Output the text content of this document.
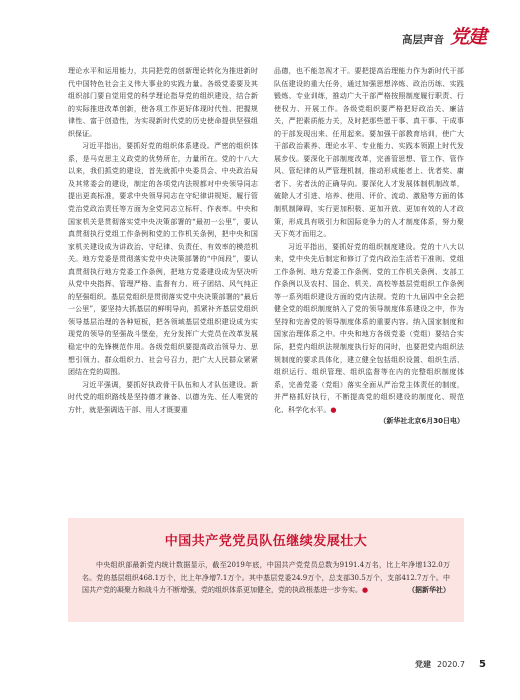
高层声音 党建

理论水平和运用能力，共同把党的创新理论转化为推进新时代中国特色社会主义伟大事业的实践力量。各级党委要及其组织部门要自觉用党的科学理论指导党的组织建设，结合新的实际推进改革创新，使各项工作更好体现时代性、把握规律性、富于创造性，为实现新时代党的历史使命提供坚强组织保证。

习近平指出，要抓好党的组织体系建设。严密的组织体系，是马克思主义政党的优势所在，力量所在。党的十八大以来，我们抓党的建设，首先就抓中央委员会、中央政治局及其常委会的建设，制定的各项党内法规都对中央领导同志提出更高标准，要求中央领导同志在守纪律讲规矩、履行管党治党政治责任等方面为全党同志立标杆、作表率。中央和国家机关是贯彻落实党中央决策部署的“最初一公里”，要认真贯彻执行党组工作条例和党的工作机关条例，把中央和国家机关建设成为讲政治、守纪律、负责任、有效率的模范机关。地方党委是贯彻落实党中央决策部署的“中间段”，要认真贯彻执行地方党委工作条例，把地方党委建设成为坚决听从党中央指挥、管理严格、监督有力、班子团结、风气纯正的坚强组织。基层党组织是贯彻落实党中央决策部署的“最后一公里”，要坚持大抓基层的鲜明导向，抓紧补齐基层党组织领导基层治理的各种短板，把各领域基层党组织建设成为实现党的领导的坚强战斗堡垒，充分发挥广大党员在改革发展稳定中的先锋模范作用。各级党组织要提高政治领导力、思想引领力、群众组织力、社会号召力，把广大人民群众紧紧团结在党的周围。

习近平强调，要抓好执政骨干队伍和人才队伍建设。新时代党的组织路线是坚持德才兼备、以德为先、任人唯贤的方针，就是强调选干部、用人才既要重

品德，也不能忽视才干。要把提高治理能力作为新时代干部队伍建设的重大任务，通过加强思想淬炼、政治历练、实践锻炼、专业训练，推动广大干部严格按照制度履行职责、行使权力、开展工作。各级党组织要严格把好政治关、廉洁关，严把素质能力关，及时把那些愿干事、真干事、干成事的干部发现出来、任用起来。要加强干部教育培训，使广大干部政治素养、理论水平、专业能力、实践本领跟上时代发展步伐。要深化干部制度改革，完善管思想、管工作、管作风、管纪律的从严管理机制，推动形成能者上、优者奖、庸者下、劣者汰的正确导向。要深化人才发展体制机制改革，破除人才引进、培养、使用、评价、流动、激励等方面的体制机制障碍，实行更加积极、更加开放、更加有效的人才政策，形成具有吸引力和国际竞争力的人才制度体系，努力聚天下英才而用之。

习近平指出，要抓好党的组织制度建设。党的十八大以来，党中央先后制定和修订了党内政治生活若干准则、党组工作条例、地方党委工作条例、党的工作机关条例、支部工作条例以及农村、国企、机关、高校等基层党组织工作条例等一系列组织建设方面的党内法规。党的十九届四中全会把健全党的组织制度纳入了党的领导制度体系建设之中，作为坚持和完善党的领导制度体系的重要内容。纳入国家制度和国家治理体系之中。中央和地方各级党委（党组）要结合实际，把党内组织法规制度执行好的同时，也要把党内组织法规制度的要求具体化，建立健全包括组织设置、组织生活、组织运行、组织管理、组织监督等在内的完整组织制度体系，完善党委（党组）落实全面从严治党主体责任的制度，并严格抓好执行，不断提高党的组织建设的制度化、规范化、科学化水平。●

（新华社北京6月30日电）

中国共产党党员队伍继续发展壮大

中央组织部最新党内统计数据显示，截至2019年底，中国共产党党员总数为9191.4万名，比上年净增132.0万名。党的基层组织468.1万个，比上年净增7.1万个。其中基层党委24.9万个，总支部30.5万个，支部412.7万个。中国共产党的凝聚力和战斗力不断增强，党的组织体系更加健全，党的执政根基进一步夯实。●	（据新华社）

党建 2020.7 5
